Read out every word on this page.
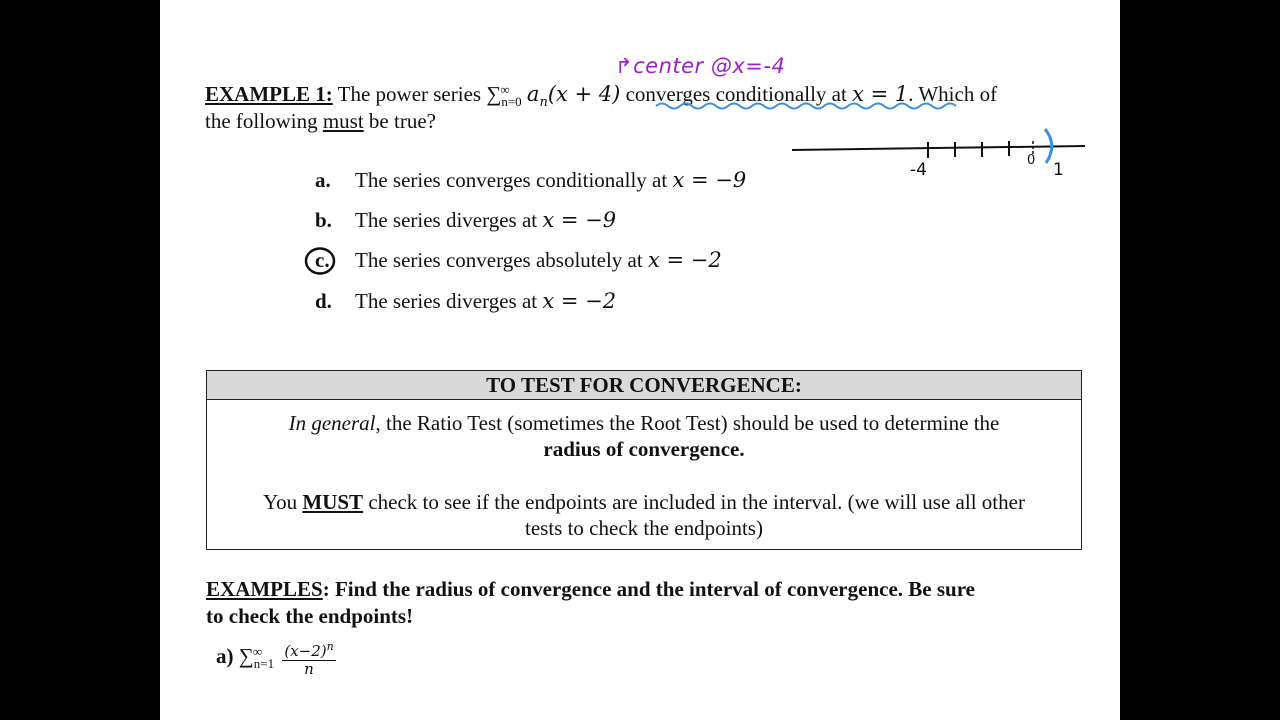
↱center @x=-4
EXAMPLE 1: The power series $\sum_{n=0}$
∞ $a_n(x + 4)$ converges conditionally at x = 1. Which of
the following must be true?
-4	0 1
a. The series converges conditionally at x = −9
b. The series diverges at x = −9
c. The series converges absolutely at x = −2
d. The series diverges at x = −2
TO TEST FOR CONVERGENCE:
In general, the Ratio Test (sometimes the Root Test) should be used to determine the
radius of convergence.
You MUST check to see if the endpoints are included in the interval. (we will use all other
tests to check the endpoints)
EXAMPLES: Find the radius of convergence and the interval of convergence. Be sure
to check the endpoints!
a) $\sum_{n=1}$
∞
$\frac{(x-2)^n}{n}$
